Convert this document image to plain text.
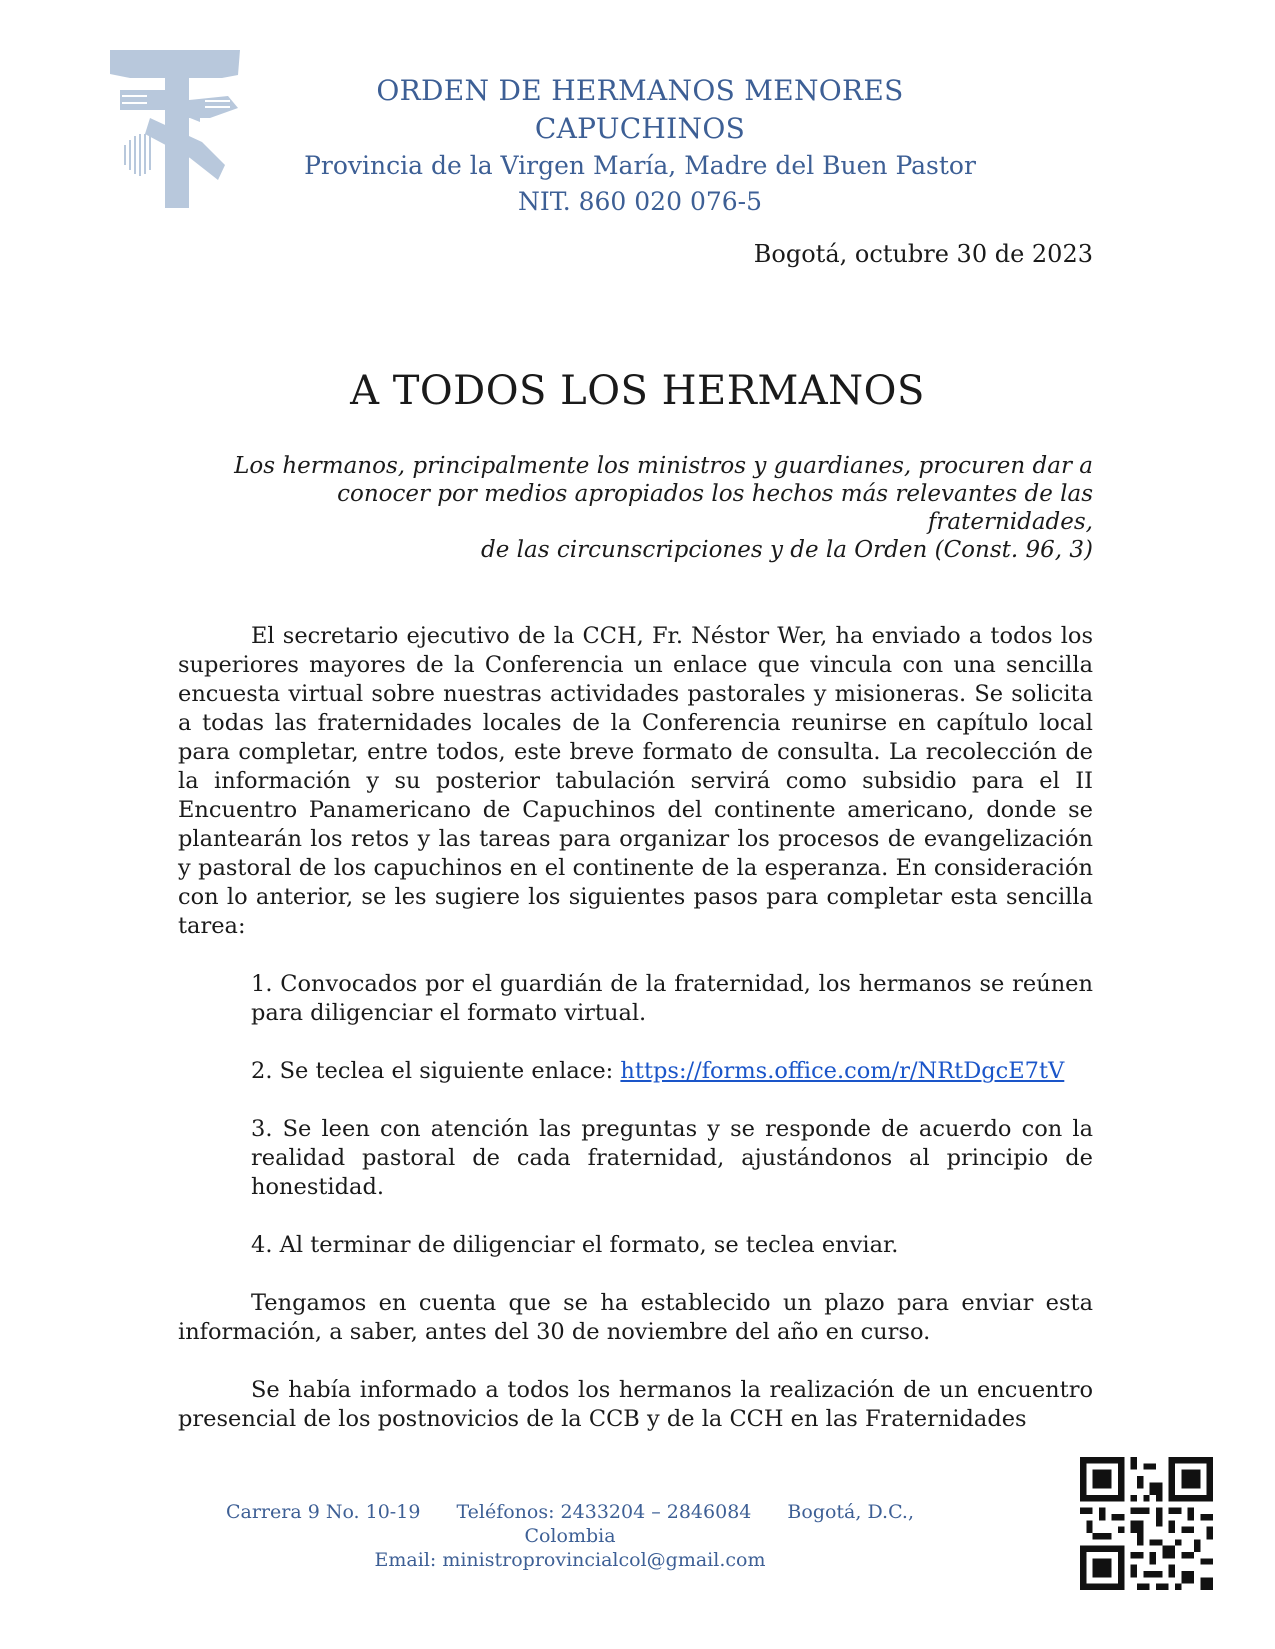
ORDEN DE HERMANOS MENORES CAPUCHINOS
Provincia de la Virgen María, Madre del Buen Pastor
NIT. 860 020 076-5
Bogotá, octubre 30 de 2023
A TODOS LOS HERMANOS
Los hermanos, principalmente los ministros y guardianes, procuren dar a
conocer por medios apropiados los hechos más relevantes de las fraternidades,
de las circunscripciones y de la Orden (Const. 96, 3)

El secretario ejecutivo de la CCH, Fr. Néstor Wer, ha enviado a todos los superiores mayores de la Conferencia un enlace que vincula con una sencilla encuesta virtual sobre nuestras actividades pastorales y misioneras. Se solicita a todas las fraternidades locales de la Conferencia reunirse en capítulo local para completar, entre todos, este breve formato de consulta. La recolección de la información y su posterior tabulación servirá como subsidio para el II Encuentro Panamericano de Capuchinos del continente americano, donde se plantearán los retos y las tareas para organizar los procesos de evangelización y pastoral de los capuchinos en el continente de la esperanza. En consideración con lo anterior, se les sugiere los siguientes pasos para completar esta sencilla tarea:

1. Convocados por el guardián de la fraternidad, los hermanos se reúnen para diligenciar el formato virtual.

2. Se teclea el siguiente enlace: https://forms.office.com/r/NRtDgcE7tV

3. Se leen con atención las preguntas y se responde de acuerdo con la realidad pastoral de cada fraternidad, ajustándonos al principio de honestidad.

4. Al terminar de diligenciar el formato, se teclea enviar.

Tengamos en cuenta que se ha establecido un plazo para enviar esta información, a saber, antes del 30 de noviembre del año en curso.

Se había informado a todos los hermanos la realización de un encuentro presencial de los postnovicios de la CCB y de la CCH en las Fraternidades

Carrera 9 No. 10-19 Teléfonos: 2433204 – 2846084 Bogotá, D.C., Colombia
Email: ministroprovincialcol@gmail.com
